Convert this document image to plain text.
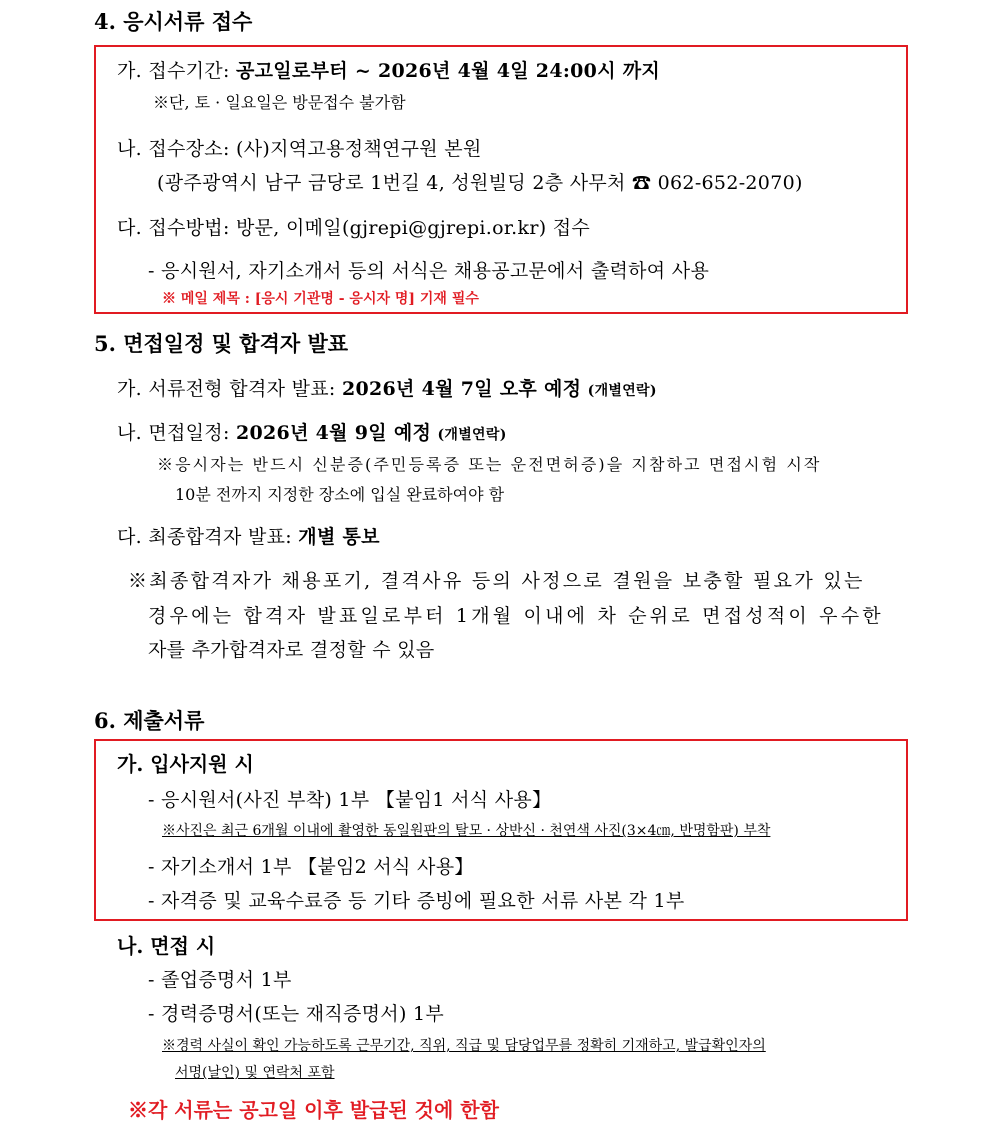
4. 응시서류 접수
가. 접수기간: 공고일로부터 ~ 2026년 4월 4일 24:00시 까지
※단, 토 · 일요일은 방문접수 불가함
나. 접수장소: (사)지역고용정책연구원 본원
(광주광역시 남구 금당로 1번길 4, 성원빌딩 2층 사무처 ☎ 062-652-2070)
다. 접수방법: 방문, 이메일(gjrepi@gjrepi.or.kr) 접수
- 응시원서, 자기소개서 등의 서식은 채용공고문에서 출력하여 사용
※ 메일 제목 : [응시 기관명 - 응시자 명] 기재 필수
5. 면접일정 및 합격자 발표
가. 서류전형 합격자 발표: 2026년 4월 7일 오후 예정 (개별연락)
나. 면접일정: 2026년 4월 9일 예정 (개별연락)
※응시자는 반드시 신분증(주민등록증 또는 운전면허증)을 지참하고 면접시험 시작
10분 전까지 지정한 장소에 입실 완료하여야 함
다. 최종합격자 발표: 개별 통보
※최종합격자가 채용포기, 결격사유 등의 사정으로 결원을 보충할 필요가 있는
경우에는 합격자 발표일로부터 1개월 이내에 차 순위로 면접성적이 우수한
자를 추가합격자로 결정할 수 있음
6. 제출서류
가. 입사지원 시
- 응시원서(사진 부착) 1부 【붙임1 서식 사용】
※사진은 최근 6개월 이내에 촬영한 동일원판의 탈모 · 상반신 · 천연색 사진(3×4㎝, 반명함판) 부착
- 자기소개서 1부 【붙임2 서식 사용】
- 자격증 및 교육수료증 등 기타 증빙에 필요한 서류 사본 각 1부
나. 면접 시
- 졸업증명서 1부
- 경력증명서(또는 재직증명서) 1부
※경력 사실이 확인 가능하도록 근무기간, 직위, 직급 및 담당업무를 정확히 기재하고, 발급확인자의
서명(날인) 및 연락처 포함
※각 서류는 공고일 이후 발급된 것에 한함
